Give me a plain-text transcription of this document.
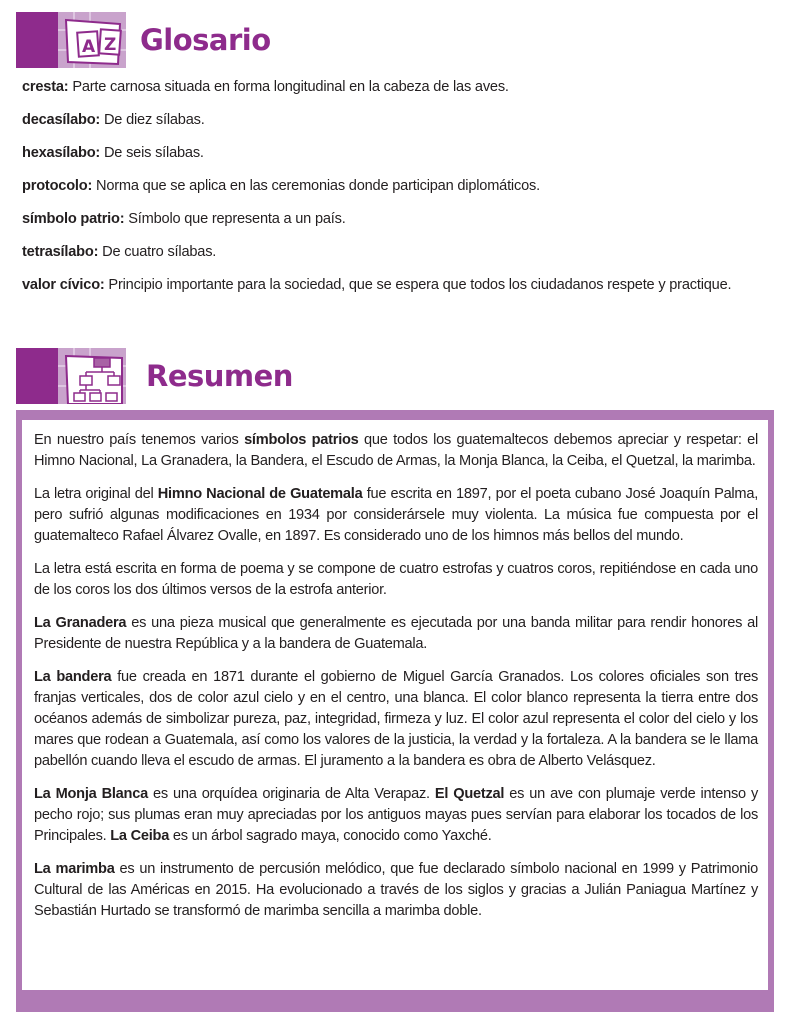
A Z Glosario

cresta: Parte carnosa situada en forma longitudinal en la cabeza de las aves.

decasílabo: De diez sílabas.

hexasílabo: De seis sílabas.

protocolo: Norma que se aplica en las ceremonias donde participan diplomáticos.

símbolo patrio: Símbolo que representa a un país.

tetrasílabo: De cuatro sílabas.

valor cívico: Principio importante para la sociedad, que se espera que todos los ciudadanos respete y practique.

Resumen

En nuestro país tenemos varios símbolos patrios que todos los guatemaltecos debemos apreciar y respetar: el Himno Nacional, La Granadera, la Bandera, el Escudo de Armas, la Monja Blanca, la Ceiba, el Quetzal, la marimba.

La letra original del Himno Nacional de Guatemala fue escrita en 1897, por el poeta cubano José Joaquín Palma, pero sufrió algunas modificaciones en 1934 por considerársele muy violenta. La música fue compuesta por el guatemalteco Rafael Álvarez Ovalle, en 1897. Es considerado uno de los himnos más bellos del mundo.

La letra está escrita en forma de poema y se compone de cuatro estrofas y cuatros coros, repitiéndose en cada uno de los coros los dos últimos versos de la estrofa anterior.

La Granadera es una pieza musical que generalmente es ejecutada por una banda militar para rendir honores al Presidente de nuestra República y a la bandera de Guatemala.

La bandera fue creada en 1871 durante el gobierno de Miguel García Granados. Los colores oficiales son tres franjas verticales, dos de color azul cielo y en el centro, una blanca. El color blanco representa la tierra entre dos océanos además de simbolizar pureza, paz, integridad, firmeza y luz. El color azul representa el color del cielo y los mares que rodean a Guatemala, así como los valores de la justicia, la verdad y la fortaleza. A la bandera se le llama pabellón cuando lleva el escudo de armas. El juramento a la bandera es obra de Alberto Velásquez.

La Monja Blanca es una orquídea originaria de Alta Verapaz. El Quetzal es un ave con plumaje verde intenso y pecho rojo; sus plumas eran muy apreciadas por los antiguos mayas pues servían para elaborar los tocados de los Principales. La Ceiba es un árbol sagrado maya, conocido como Yaxché.

La marimba es un instrumento de percusión melódico, que fue declarado símbolo nacional en 1999 y Patrimonio Cultural de las Américas en 2015. Ha evolucionado a través de los siglos y gracias a Julián Paniagua Martínez y Sebastián Hurtado se transformó de marimba sencilla a marimba doble.
